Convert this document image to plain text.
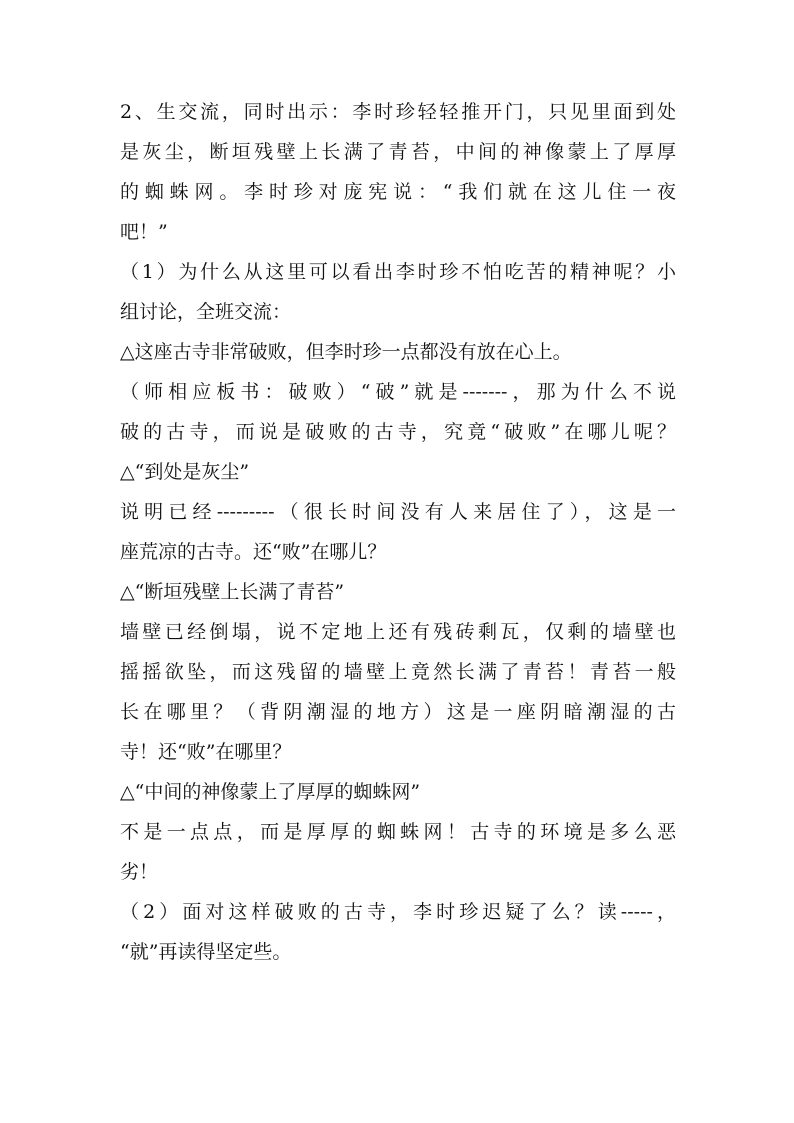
2、生交流，同时出示：李时珍轻轻推开门，只见里面到处
是灰尘，断垣残壁上长满了青苔，中间的神像蒙上了厚厚
的蜘蛛网。李时珍对庞宪说：“我们就在这儿住一夜
吧！”
（1）为什么从这里可以看出李时珍不怕吃苦的精神呢？小
组讨论，全班交流：
△这座古寺非常破败，但李时珍一点都没有放在心上。
（师相应板书：破败）“破”就是-------，那为什么不说
破的古寺，而说是破败的古寺，究竟“破败”在哪儿呢？
△“到处是灰尘”
说明已经---------（很长时间没有人来居住了），这是一
座荒凉的古寺。还“败”在哪儿？
△“断垣残壁上长满了青苔”
墙壁已经倒塌，说不定地上还有残砖剩瓦，仅剩的墙壁也
摇摇欲坠，而这残留的墙壁上竟然长满了青苔！青苔一般
长在哪里？（背阴潮湿的地方）这是一座阴暗潮湿的古
寺！还“败”在哪里？
△“中间的神像蒙上了厚厚的蜘蛛网”
不是一点点，而是厚厚的蜘蛛网！古寺的环境是多么恶
劣！
（2）面对这样破败的古寺，李时珍迟疑了么？读-----，
“就”再读得坚定些。
